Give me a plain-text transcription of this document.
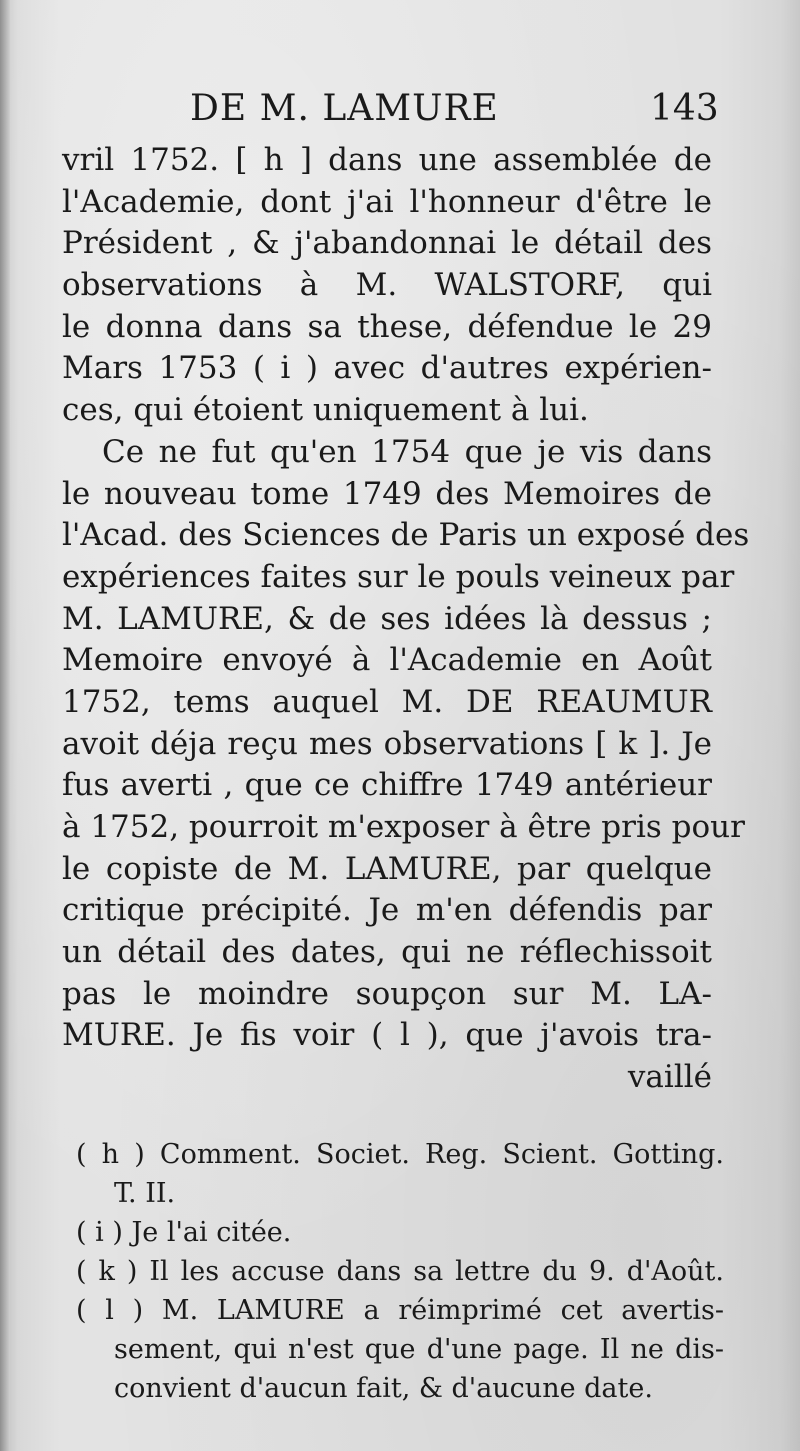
DE M. LAMURE	143
vril 1752. [ h ] dans une assemblée de
l'Academie, dont j'ai l'honneur d'être le
Président , & j'abandonnai le détail des
observations à M. WALSTORF, qui
le donna dans sa these, défendue le 29
Mars 1753 ( i ) avec d'autres expérien-
ces, qui étoient uniquement à lui.
Ce ne fut qu'en 1754 que je vis dans
le nouveau tome 1749 des Memoires de
l'Acad. des Sciences de Paris un exposé des
expériences faites sur le pouls veineux par
M. LAMURE, & de ses idées là dessus ;
Memoire envoyé à l'Academie en Août
1752, tems auquel M. DE REAUMUR
avoit déja reçu mes observations [ k ]. Je
fus averti , que ce chiffre 1749 antérieur
à 1752, pourroit m'exposer à être pris pour
le copiste de M. LAMURE, par quelque
critique précipité. Je m'en défendis par
un détail des dates, qui ne réflechissoit
pas le moindre soupçon sur M. LA-
MURE. Je fis voir ( l ), que j'avois tra-
vaillé
( h ) Comment. Societ. Reg. Scient. Gotting.
T. II.
( i ) Je l'ai citée.
( k ) Il les accuse dans sa lettre du 9. d'Août.
( l ) M. LAMURE a réimprimé cet avertis-
sement, qui n'est que d'une page. Il ne dis-
convient d'aucun fait, & d'aucune date.
